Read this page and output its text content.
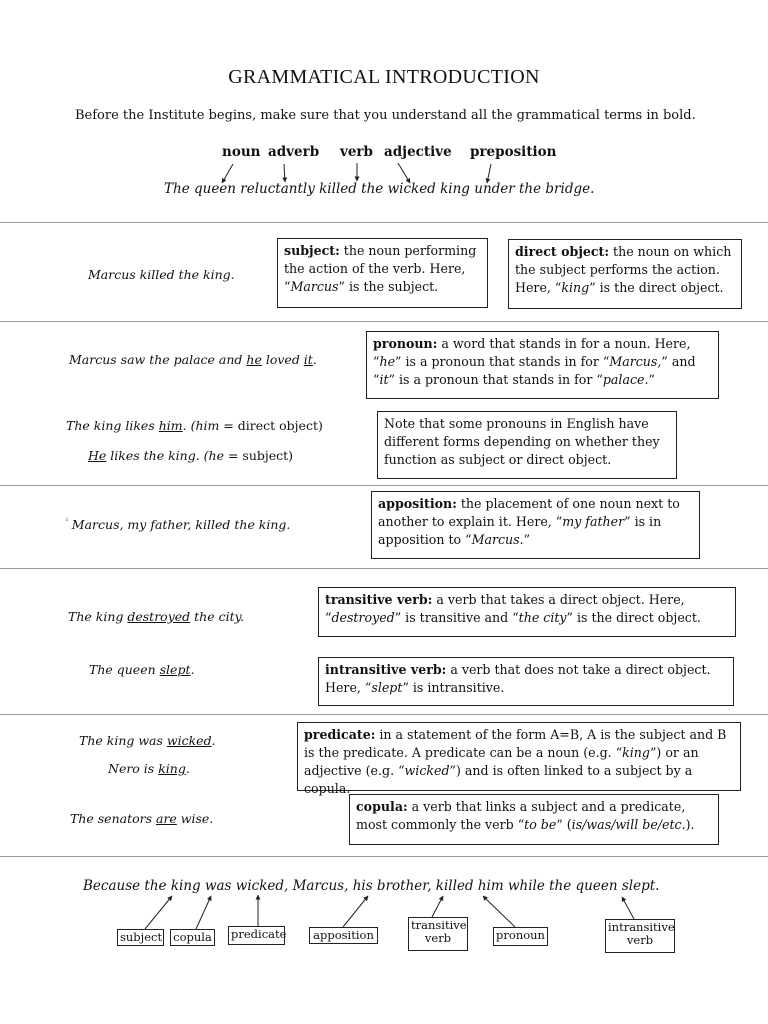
GRAMMATICAL INTRODUCTION
Before the Institute begins, make sure that you understand all the grammatical terms in bold.
noun adverb verb adjective preposition
The queen reluctantly killed the wicked king under the bridge.
Marcus killed the king.
subject: the noun performing the action of the verb. Here, “Marcus” is the subject.
direct object: the noun on which the subject performs the action. Here, “king” is the direct object.
Marcus saw the palace and he loved it.
pronoun: a word that stands in for a noun. Here, “he” is a pronoun that stands in for “Marcus,” and “it” is a pronoun that stands in for “palace.”
The king likes him. (him = direct object)
He likes the king. (he = subject)
Note that some pronouns in English have different forms depending on whether they function as subject or direct object.
$^{^i}$ Marcus, my father, killed the king.
apposition: the placement of one noun next to another to explain it. Here, “my father” is in apposition to “Marcus.”
The king destroyed the city.
transitive verb: a verb that takes a direct object. Here, “destroyed” is transitive and “the city” is the direct object.
The queen slept.	intransitive verb: a verb that does not take a direct object. Here, “slept” is intransitive.
The king was wicked.
Nero is king.
The senators are wise.
predicate: in a statement of the form A=B, A is the subject and B is the predicate. A predicate can be a noun (e.g. “king”) or an adjective (e.g. “wicked”) and is often linked to a subject by a copula.
copula: a verb that links a subject and a predicate, most commonly the verb “to be” (is/was/will be/etc.).
Because the king was wicked, Marcus, his brother, killed him while the queen slept.
subject copula predicate	apposition
transitive verb	pronoun
intransitive verb
